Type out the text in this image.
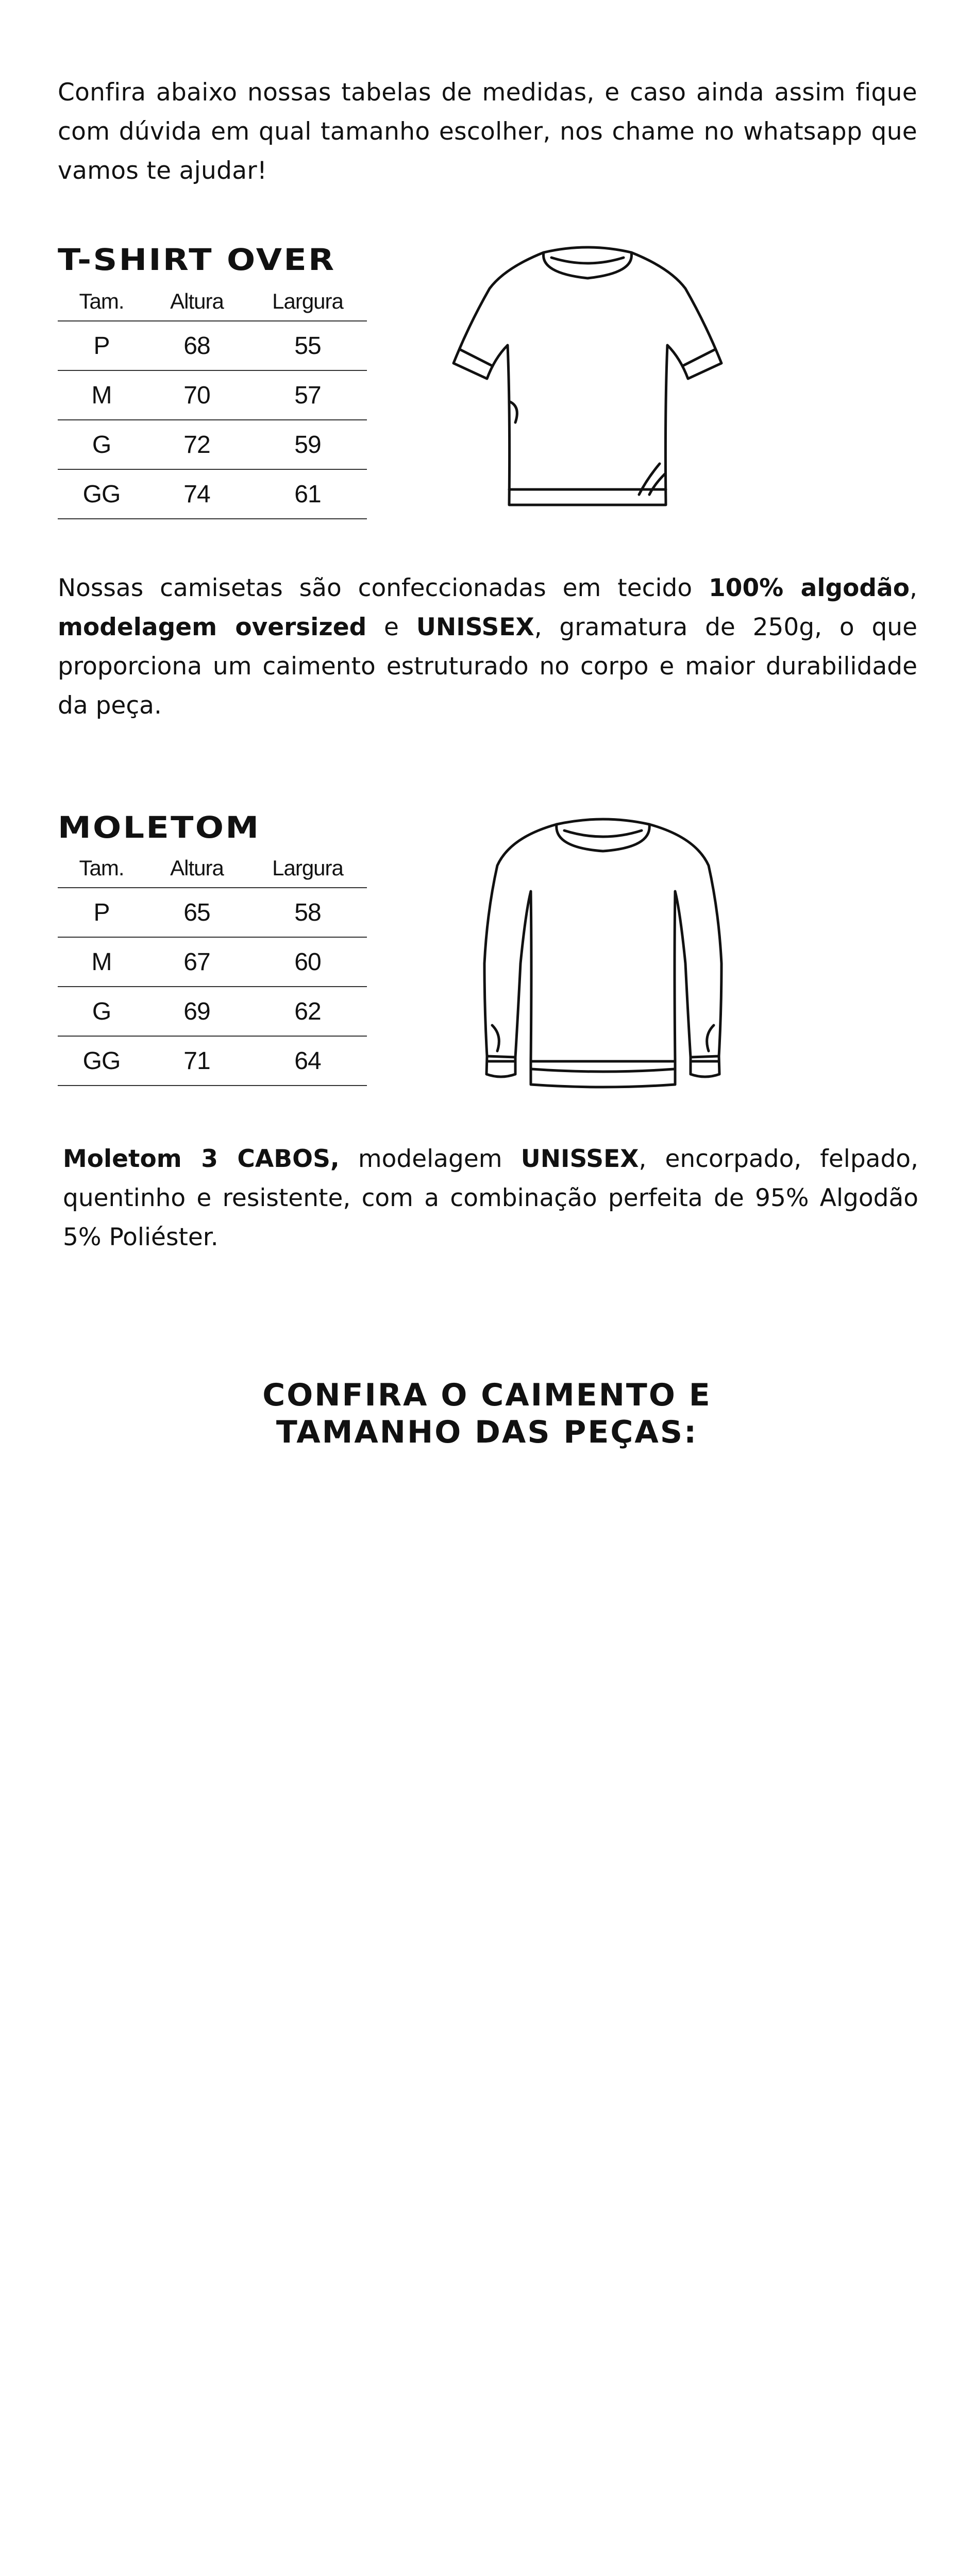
Confira abaixo nossas tabelas de medidas, e caso ainda assim fique com dúvida em qual tamanho escolher, nos chame no whatsapp que vamos te ajudar!
T-SHIRT OVER
Tam.	Altura	Largura
P	68	55
M	70	57
G	72	59
GG	74	61
Nossas camisetas são confeccionadas em tecido 100% algodão, modelagem oversized e UNISSEX, gramatura de 250g, o que proporciona um caimento estruturado no corpo e maior durabilidade da peça.
MOLETOM
Tam.	Altura	Largura
P	65	58
M	67	60
G	69	62
GG	71	64
Moletom 3 CABOS, modelagem UNISSEX, encorpado, felpado, quentinho e resistente, com a combinação perfeita de 95% Algodão 5% Poliéster.
CONFIRA O CAIMENTO E
TAMANHO DAS PEÇAS:
